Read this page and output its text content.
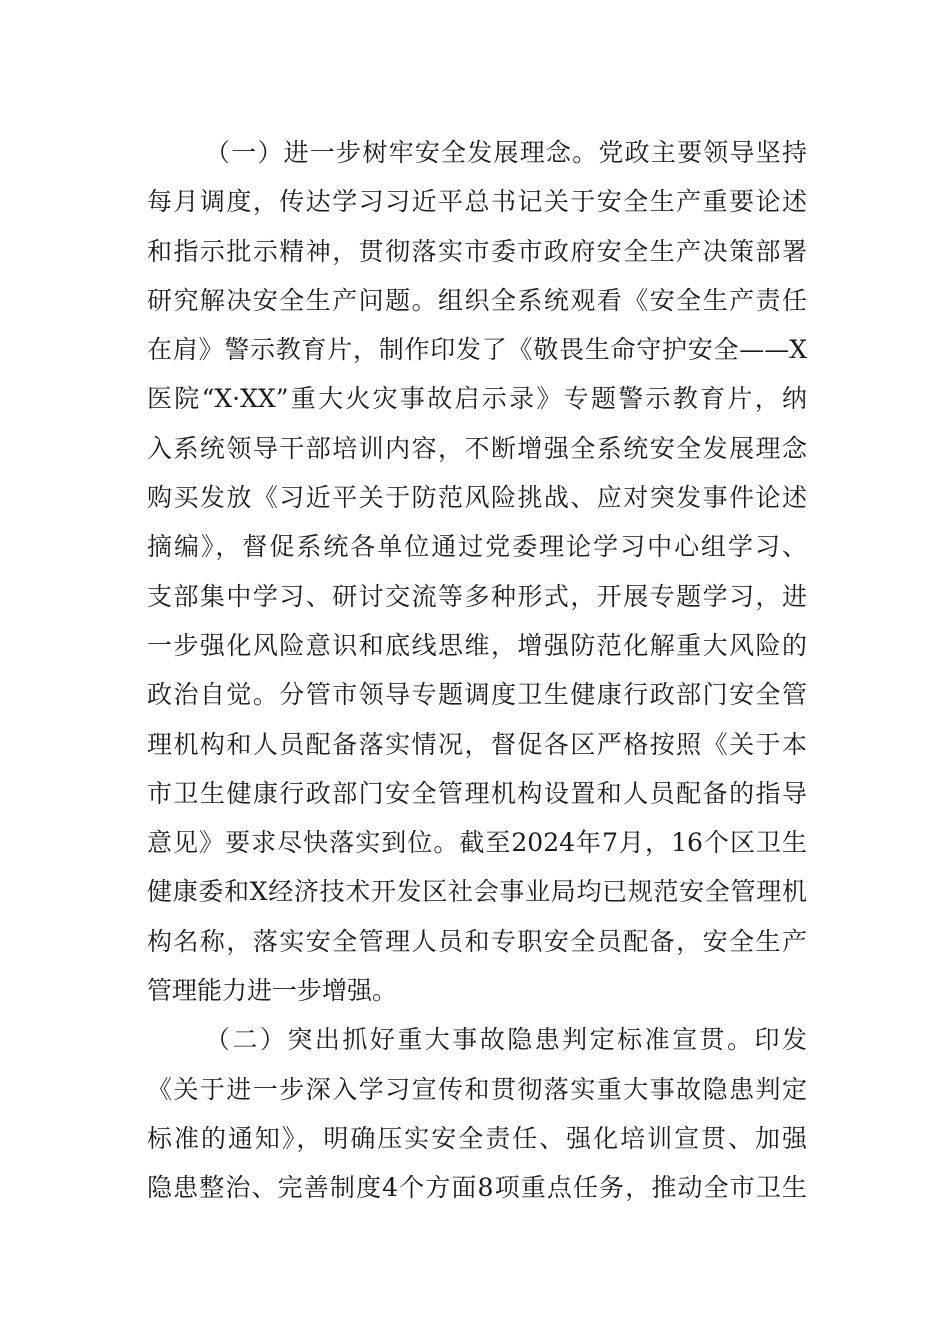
（一）进一步树牢安全发展理念。党政主要领导坚持
每月调度，传达学习习近平总书记关于安全生产重要论述
和指示批示精神，贯彻落实市委市政府安全生产决策部署
研究解决安全生产问题。组织全系统观看《安全生产责任
在肩》警示教育片，制作印发了《敬畏生命守护安全——X
医院“X·XX”重大火灾事故启示录》专题警示教育片，纳
入系统领导干部培训内容，不断增强全系统安全发展理念
购买发放《习近平关于防范风险挑战、应对突发事件论述
摘编》，督促系统各单位通过党委理论学习中心组学习、
支部集中学习、研讨交流等多种形式，开展专题学习，进
一步强化风险意识和底线思维，增强防范化解重大风险的
政治自觉。分管市领导专题调度卫生健康行政部门安全管
理机构和人员配备落实情况，督促各区严格按照《关于本
市卫生健康行政部门安全管理机构设置和人员配备的指导
意见》要求尽快落实到位。截至2024年7月，16个区卫生
健康委和X经济技术开发区社会事业局均已规范安全管理机
构名称，落实安全管理人员和专职安全员配备，安全生产
管理能力进一步增强。
（二）突出抓好重大事故隐患判定标准宣贯。印发
《关于进一步深入学习宣传和贯彻落实重大事故隐患判定
标准的通知》，明确压实安全责任、强化培训宣贯、加强
隐患整治、完善制度4个方面8项重点任务，推动全市卫生
